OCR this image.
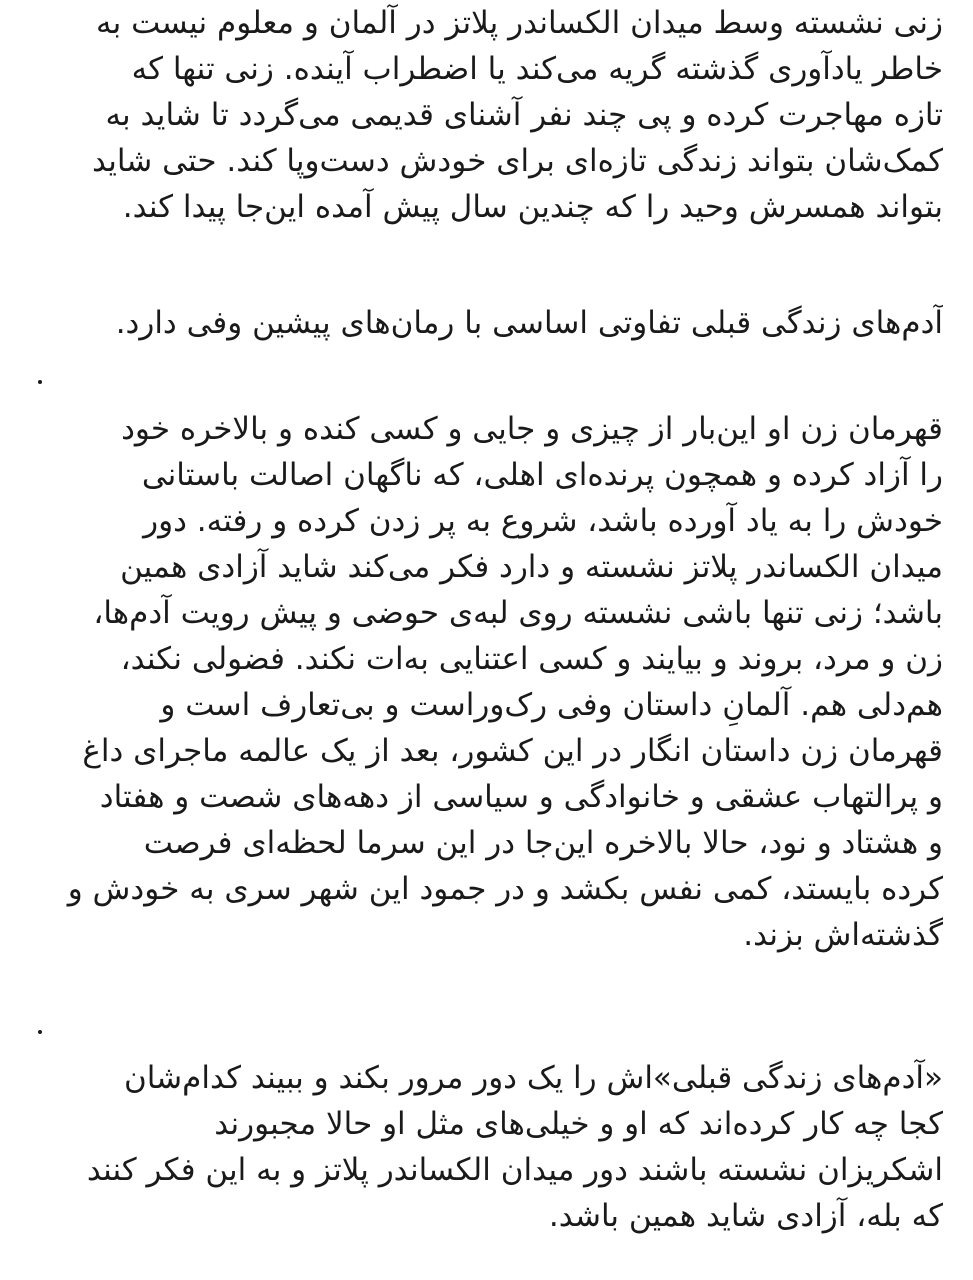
زنی نشسته وسط میدان الکساندر پلاتز در آلمان و معلوم نیست به
خاطر یادآوری گذشته گریه می‌کند یا اضطراب آینده. زنی تنها که
تازه مهاجرت کرده و پی چند نفر آشنای قدیمی می‌گردد تا شاید به
کمک‌شان بتواند زندگی تازه‌ای برای خودش دست‌وپا کند. حتی شاید
بتواند همسرش وحید را که چندین سال پیش آمده این‌جا پیدا کند.
آدم‌های زندگی قبلی تفاوتی اساسی با رمان‌های پیشین وفی دارد.
قهرمان زن او این‌بار از چیزی و جایی و کسی کنده و بالاخره خود
را آزاد کرده و همچون پرنده‌ای اهلی، که ناگهان اصالت باستانی
خودش را به یاد آورده باشد، شروع به پر زدن کرده و رفته. دور
میدان الکساندر پلاتز نشسته و دارد فکر می‌کند شاید آزادی همین
باشد؛ زنی تنها باشی نشسته روی لبه‌ی حوضی و پیش رویت آدم‌ها،
زن و مرد، بروند و بیایند و کسی اعتنایی به‌ات نکند. فضولی نکند،
هم‌دلی هم. آلمانِ داستان وفی رک‌وراست و بی‌تعارف است و
قهرمان زن داستان انگار در این کشور، بعد از یک عالمه ماجرای داغ
و پرالتهاب عشقی و خانوادگی و سیاسی از دهه‌های شصت و هفتاد
و هشتاد و نود، حالا بالاخره این‌جا در این سرما لحظه‌ای فرصت
کرده بایستد، کمی نفس بکشد و در جمود این شهر سری به خودش و
گذشته‌اش بزند.
«آدم‌های زندگی قبلی»اش را یک دور مرور بکند و ببیند کدام‌شان
کجا چه کار کرده‌اند که او و خیلی‌های مثل او حالا مجبورند
اشکریزان نشسته باشند دور میدان الکساندر پلاتز و به این فکر کنند
که بله، آزادی شاید همین باشد.
